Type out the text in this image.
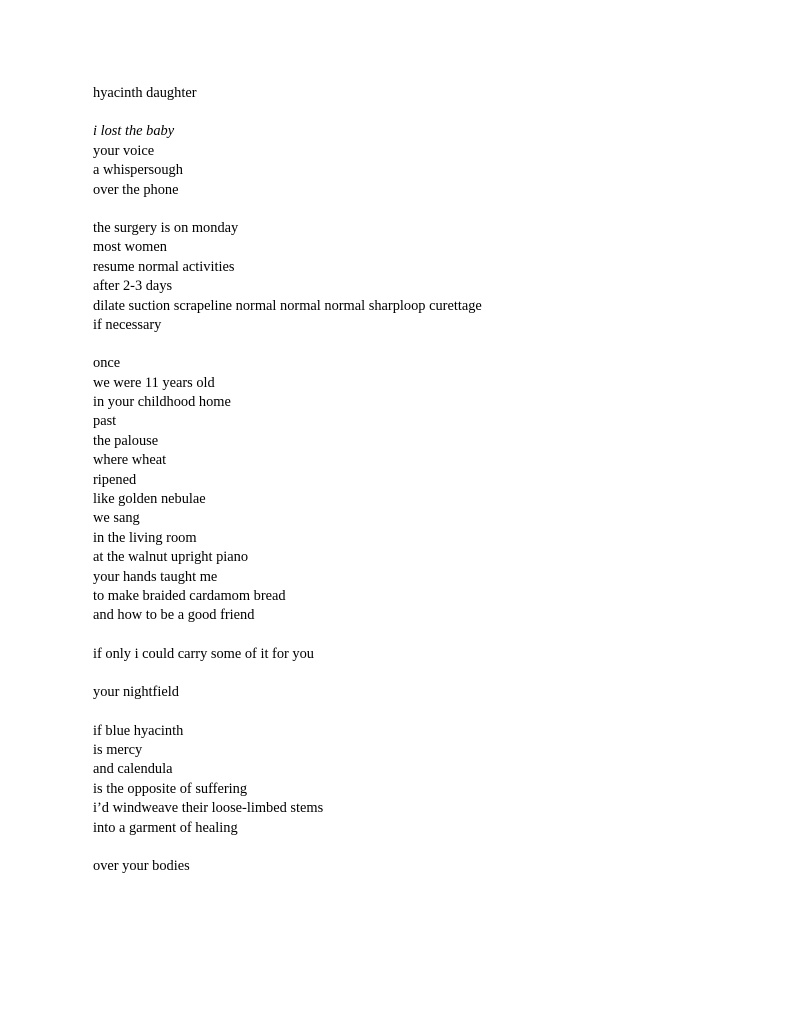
hyacinth daughter
i lost the baby
your voice
a whispersough
over the phone
the surgery is on monday
most women
resume normal activities
after 2-3 days
dilate suction scrapeline normal normal normal sharploop curettage
if necessary
once
we were 11 years old
in your childhood home
past
the palouse
where wheat
ripened
like golden nebulae
we sang
in the living room
at the walnut upright piano
your hands taught me
to make braided cardamom bread
and how to be a good friend
if only i could carry some of it for you
your nightfield
if blue hyacinth
is mercy
and calendula
is the opposite of suffering
i’d windweave their loose-limbed stems
into a garment of healing
over your bodies
